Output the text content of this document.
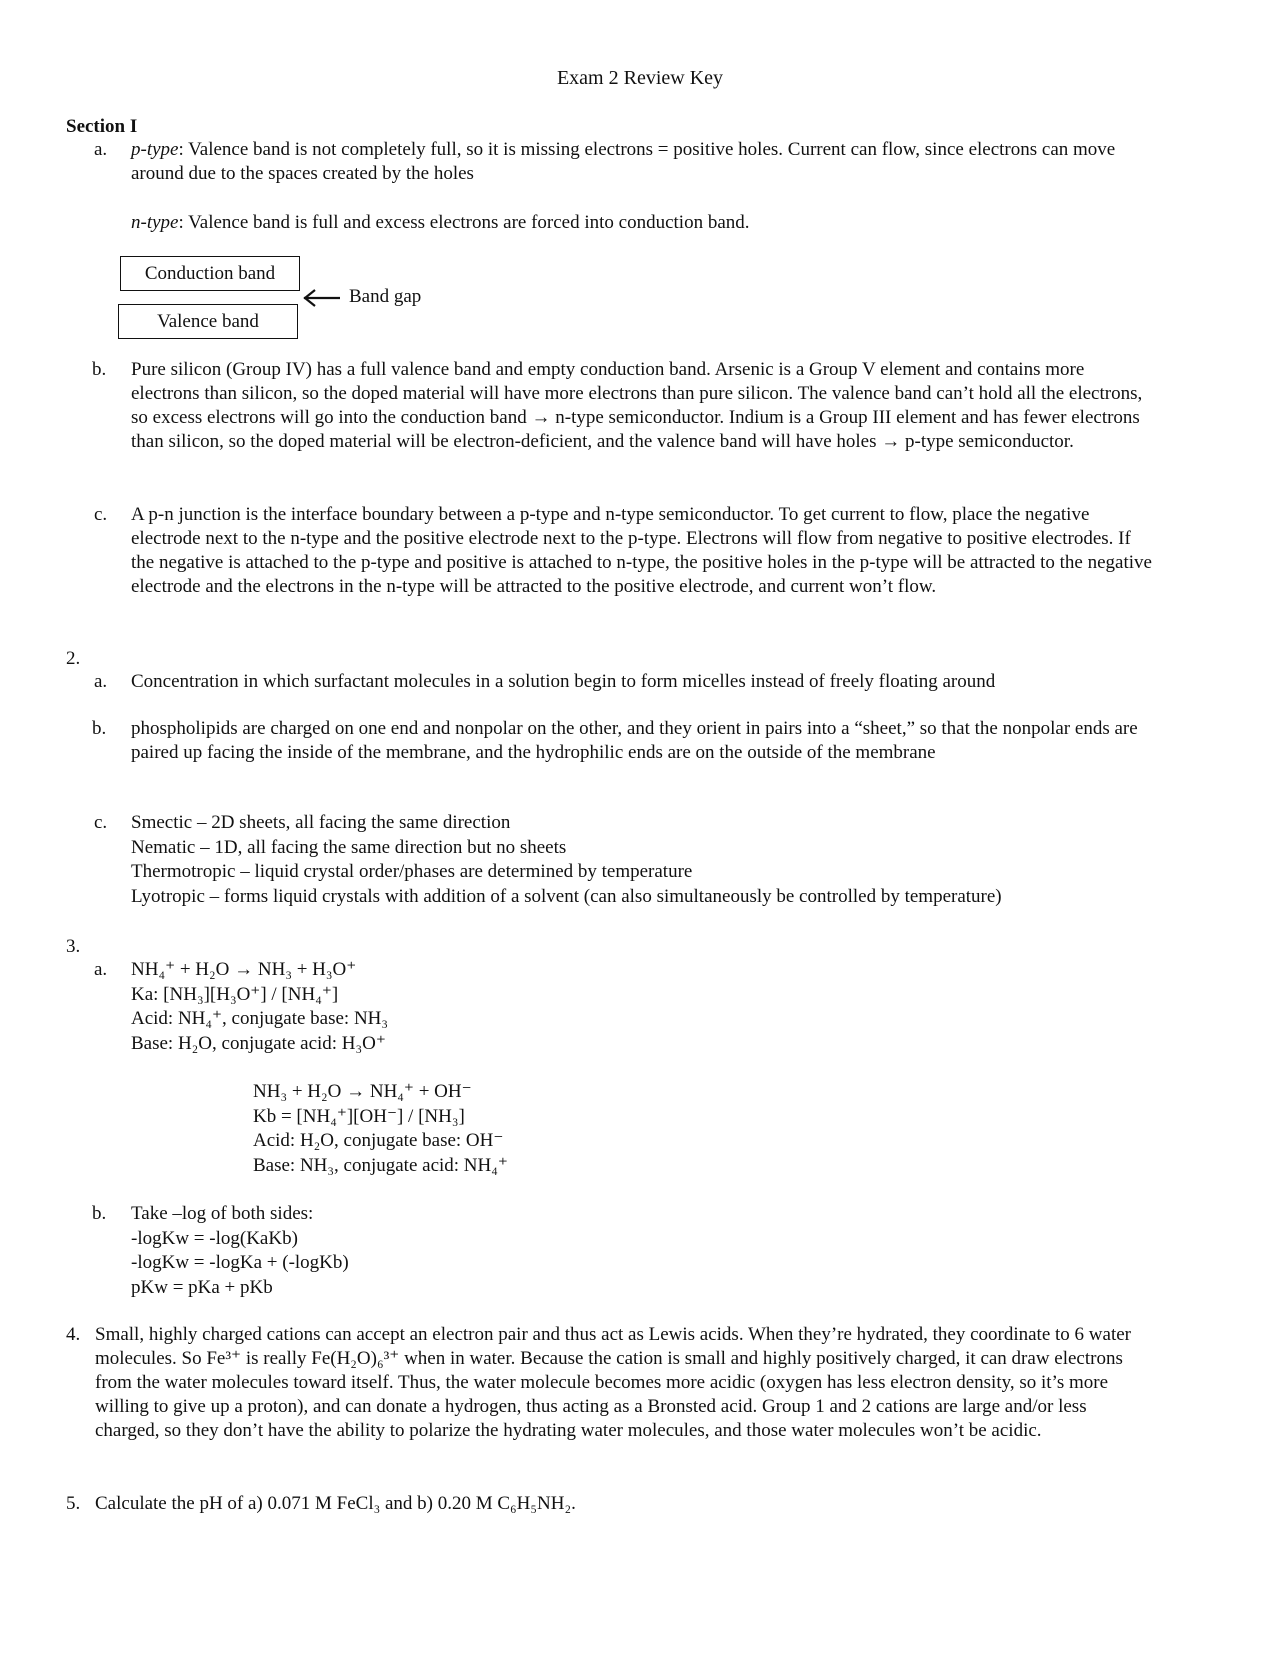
Exam 2 Review Key
Section I
a.	p-type: Valence band is not completely full, so it is missing electrons = positive holes. Current can flow, since electrons can move around due to the spaces created by the holes
n-type: Valence band is full and excess electrons are forced into conduction band.
Conduction band
Valence band
Band gap
b.	Pure silicon (Group IV) has a full valence band and empty conduction band. Arsenic is a Group V element and contains more electrons than silicon, so the doped material will have more electrons than pure silicon. The valence band can’t hold all the electrons, so excess electrons will go into the conduction band → n-type semiconductor. Indium is a Group III element and has fewer electrons than silicon, so the doped material will be electron-deficient, and the valence band will have holes → p-type semiconductor.
c.	A p-n junction is the interface boundary between a p-type and n-type semiconductor. To get current to flow, place the negative electrode next to the n-type and the positive electrode next to the p-type. Electrons will flow from negative to positive electrodes. If the negative is attached to the p-type and positive is attached to n-type, the positive holes in the p-type will be attracted to the negative electrode and the electrons in the n-type will be attracted to the positive electrode, and current won’t flow.
2.
a.	Concentration in which surfactant molecules in a solution begin to form micelles instead of freely floating around
b.	phospholipids are charged on one end and nonpolar on the other, and they orient in pairs into a “sheet,” so that the nonpolar ends are paired up facing the inside of the membrane, and the hydrophilic ends are on the outside of the membrane
c.	Smectic – 2D sheets, all facing the same direction
Nematic – 1D, all facing the same direction but no sheets
Thermotropic – liquid crystal order/phases are determined by temperature
Lyotropic – forms liquid crystals with addition of a solvent (can also simultaneously be controlled by temperature)
3.
a.	NH₄⁺ + H₂O → NH₃ + H₃O⁺
Ka: [NH₃][H₃O⁺] / [NH₄⁺]
Acid: NH₄⁺, conjugate base: NH₃
Base: H₂O, conjugate acid: H₃O⁺
NH₃ + H₂O → NH₄⁺ + OH⁻
Kb = [NH₄⁺][OH⁻] / [NH₃]
Acid: H₂O, conjugate base: OH⁻
Base: NH₃, conjugate acid: NH₄⁺
b.	Take –log of both sides:
-logKw = -log(KaKb)
-logKw = -logKa + (-logKb)
pKw = pKa + pKb
4. Small, highly charged cations can accept an electron pair and thus act as Lewis acids. When they’re hydrated, they coordinate to 6 water molecules. So Fe³⁺ is really Fe(H₂O)₆³⁺ when in water. Because the cation is small and highly positively charged, it can draw electrons from the water molecules toward itself. Thus, the water molecule becomes more acidic (oxygen has less electron density, so it’s more willing to give up a proton), and can donate a hydrogen, thus acting as a Bronsted acid. Group 1 and 2 cations are large and/or less charged, so they don’t have the ability to polarize the hydrating water molecules, and those water molecules won’t be acidic.
5. Calculate the pH of a) 0.071 M FeCl₃ and b) 0.20 M C₆H₅NH₂.
